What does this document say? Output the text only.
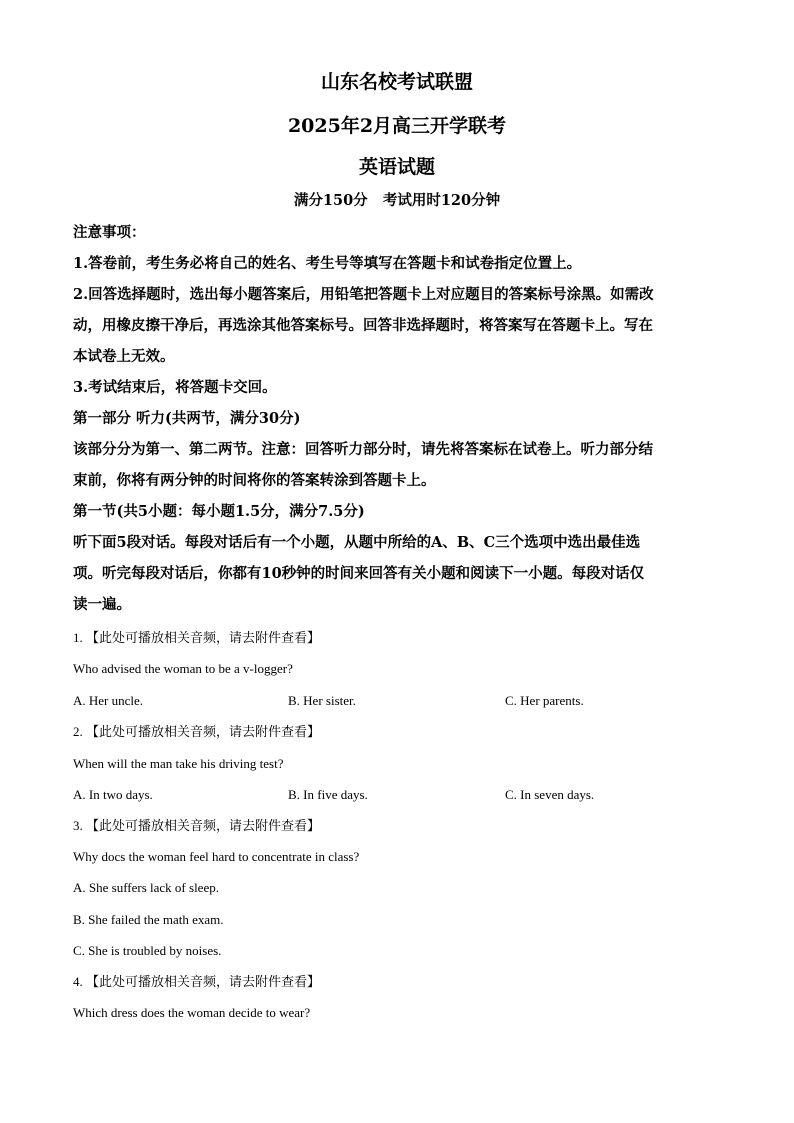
山东名校考试联盟
2025年2月高三开学联考
英语试题
满分150分   考试用时120分钟
注意事项：
1.答卷前，考生务必将自己的姓名、考生号等填写在答题卡和试卷指定位置上。
2.回答选择题时，选出每小题答案后，用铅笔把答题卡上对应题目的答案标号涂黑。如需改
动，用橡皮擦干净后，再选涂其他答案标号。回答非选择题时，将答案写在答题卡上。写在
本试卷上无效。
3.考试结束后，将答题卡交回。
第一部分 听力(共两节，满分30分)
该部分分为第一、第二两节。注意：回答听力部分时，请先将答案标在试卷上。听力部分结
束前，你将有两分钟的时间将你的答案转涂到答题卡上。
第一节(共5小题：每小题1.5分，满分7.5分)
听下面5段对话。每段对话后有一个小题，从题中所给的A、B、C三个选项中选出最佳选
项。听完每段对话后，你都有10秒钟的时间来回答有关小题和阅读下一小题。每段对话仅
读一遍。
1. 【此处可播放相关音频，请去附件查看】
Who advised the woman to be a v-logger?
A. Her uncle.	B. Her sister.	C. Her parents.
2. 【此处可播放相关音频，请去附件查看】
When will the man take his driving test?
A. In two days.	B. In five days.	C. In seven days.
3. 【此处可播放相关音频，请去附件查看】
Why docs the woman feel hard to concentrate in class?
A. She suffers lack of sleep.
B. She failed the math exam.
C. She is troubled by noises.
4. 【此处可播放相关音频，请去附件查看】
Which dress does the woman decide to wear?
